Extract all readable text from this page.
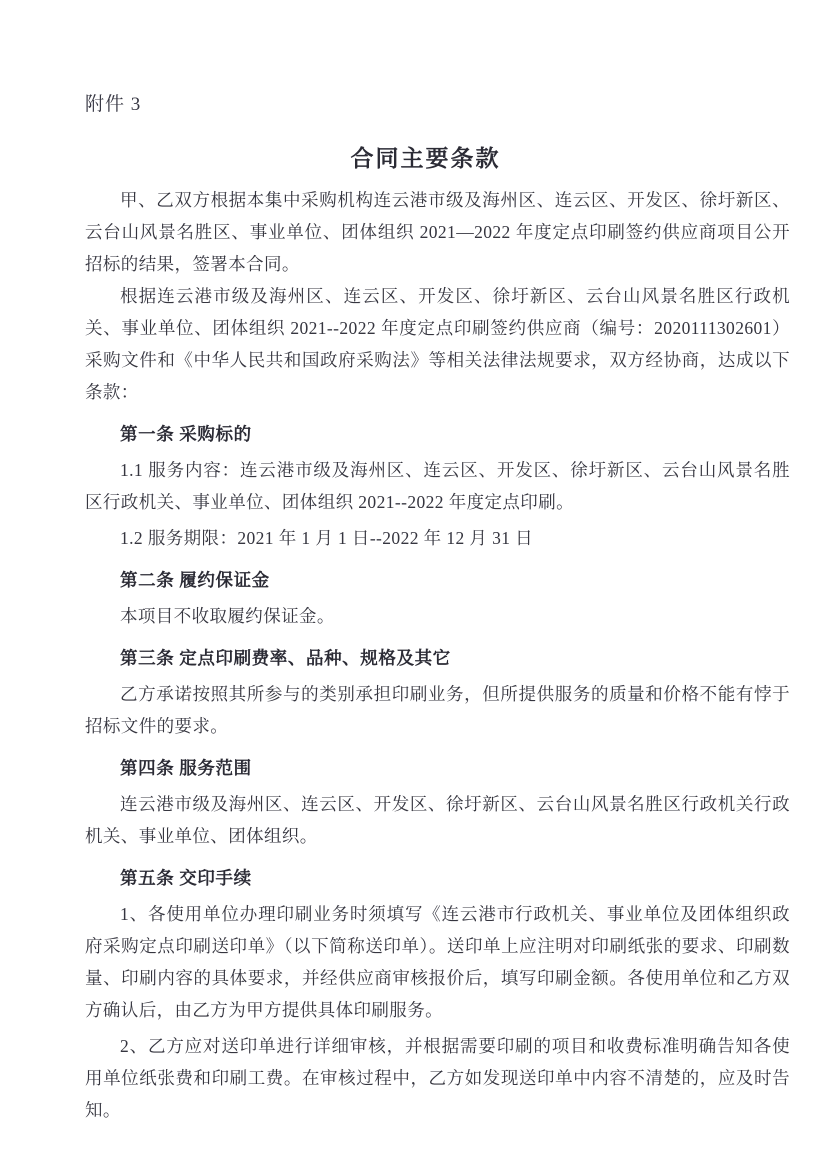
附件 3
合同主要条款

甲、乙双方根据本集中采购机构连云港市级及海州区、连云区、开发区、徐圩新区、云台山风景名胜区、事业单位、团体组织 2021—2022 年度定点印刷签约供应商项目公开招标的结果，签署本合同。

根据连云港市级及海州区、连云区、开发区、徐圩新区、云台山风景名胜区行政机关、事业单位、团体组织 2021--2022 年度定点印刷签约供应商（编号：2020111302601）采购文件和《中华人民共和国政府采购法》等相关法律法规要求，双方经协商，达成以下条款：

第一条 采购标的

1.1 服务内容：连云港市级及海州区、连云区、开发区、徐圩新区、云台山风景名胜区行政机关、事业单位、团体组织 2021--2022 年度定点印刷。

1.2 服务期限：2021 年 1 月 1 日--2022 年 12 月 31 日

第二条 履约保证金

本项目不收取履约保证金。

第三条 定点印刷费率、品种、规格及其它

乙方承诺按照其所参与的类别承担印刷业务，但所提供服务的质量和价格不能有悖于招标文件的要求。

第四条 服务范围

连云港市级及海州区、连云区、开发区、徐圩新区、云台山风景名胜区行政机关行政机关、事业单位、团体组织。

第五条 交印手续

1、各使用单位办理印刷业务时须填写《连云港市行政机关、事业单位及团体组织政府采购定点印刷送印单》（以下简称送印单）。送印单上应注明对印刷纸张的要求、印刷数量、印刷内容的具体要求，并经供应商审核报价后，填写印刷金额。各使用单位和乙方双方确认后，由乙方为甲方提供具体印刷服务。

2、乙方应对送印单进行详细审核，并根据需要印刷的项目和收费标准明确告知各使用单位纸张费和印刷工费。在审核过程中，乙方如发现送印单中内容不清楚的，应及时告知。
